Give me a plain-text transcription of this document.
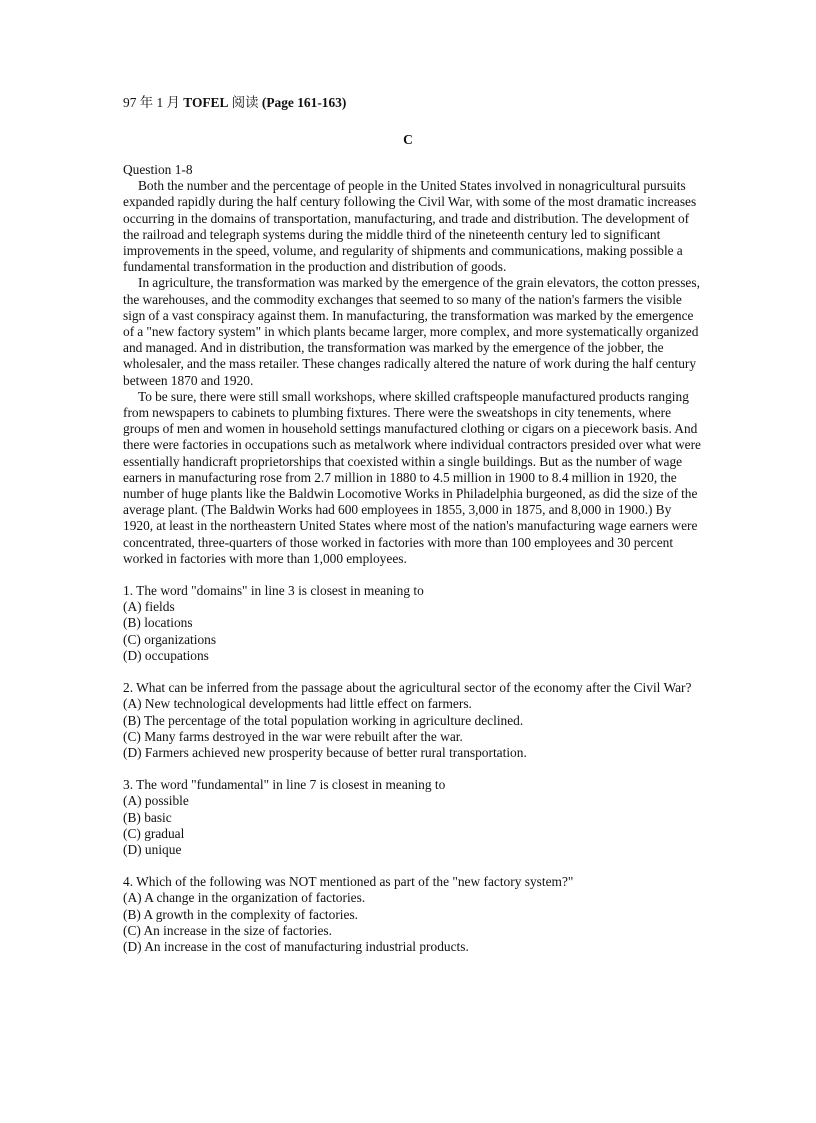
97 年 1 月 TOFEL 阅读 (Page 161-163)
C
Question 1-8

Both the number and the percentage of people in the United States involved in nonagricultural pursuits expanded rapidly during the half century following the Civil War, with some of the most dramatic increases occurring in the domains of transportation, manufacturing, and trade and distribution. The development of the railroad and telegraph systems during the middle third of the nineteenth century led to significant improvements in the speed, volume, and regularity of shipments and communications, making possible a fundamental transformation in the production and distribution of goods.

In agriculture, the transformation was marked by the emergence of the grain elevators, the cotton presses, the warehouses, and the commodity exchanges that seemed to so many of the nation's farmers the visible sign of a vast conspiracy against them. In manufacturing, the transformation was marked by the emergence of a "new factory system" in which plants became larger, more complex, and more systematically organized and managed. And in distribution, the transformation was marked by the emergence of the jobber, the wholesaler, and the mass retailer. These changes radically altered the nature of work during the half century between 1870 and 1920.

To be sure, there were still small workshops, where skilled craftspeople manufactured products ranging from newspapers to cabinets to plumbing fixtures. There were the sweatshops in city tenements, where groups of men and women in household settings manufactured clothing or cigars on a piecework basis. And there were factories in occupations such as metalwork where individual contractors presided over what were essentially handicraft proprietorships that coexisted within a single buildings. But as the number of wage earners in manufacturing rose from 2.7 million in 1880 to 4.5 million in 1900 to 8.4 million in 1920, the number of huge plants like the Baldwin Locomotive Works in Philadelphia burgeoned, as did the size of the average plant. (The Baldwin Works had 600 employees in 1855, 3,000 in 1875, and 8,000 in 1900.) By 1920, at least in the northeastern United States where most of the nation's manufacturing wage earners were concentrated, three-quarters of those worked in factories with more than 100 employees and 30 percent worked in factories with more than 1,000 employees.

1. The word "domains" in line 3 is closest in meaning to
(A) fields
(B) locations
(C) organizations
(D) occupations
2. What can be inferred from the passage about the agricultural sector of the economy after the Civil War?
(A) New technological developments had little effect on farmers.
(B) The percentage of the total population working in agriculture declined.
(C) Many farms destroyed in the war were rebuilt after the war.
(D) Farmers achieved new prosperity because of better rural transportation.
3. The word "fundamental" in line 7 is closest in meaning to
(A) possible
(B) basic
(C) gradual
(D) unique
4. Which of the following was NOT mentioned as part of the "new factory system?"
(A) A change in the organization of factories.
(B) A growth in the complexity of factories.
(C) An increase in the size of factories.
(D) An increase in the cost of manufacturing industrial products.
